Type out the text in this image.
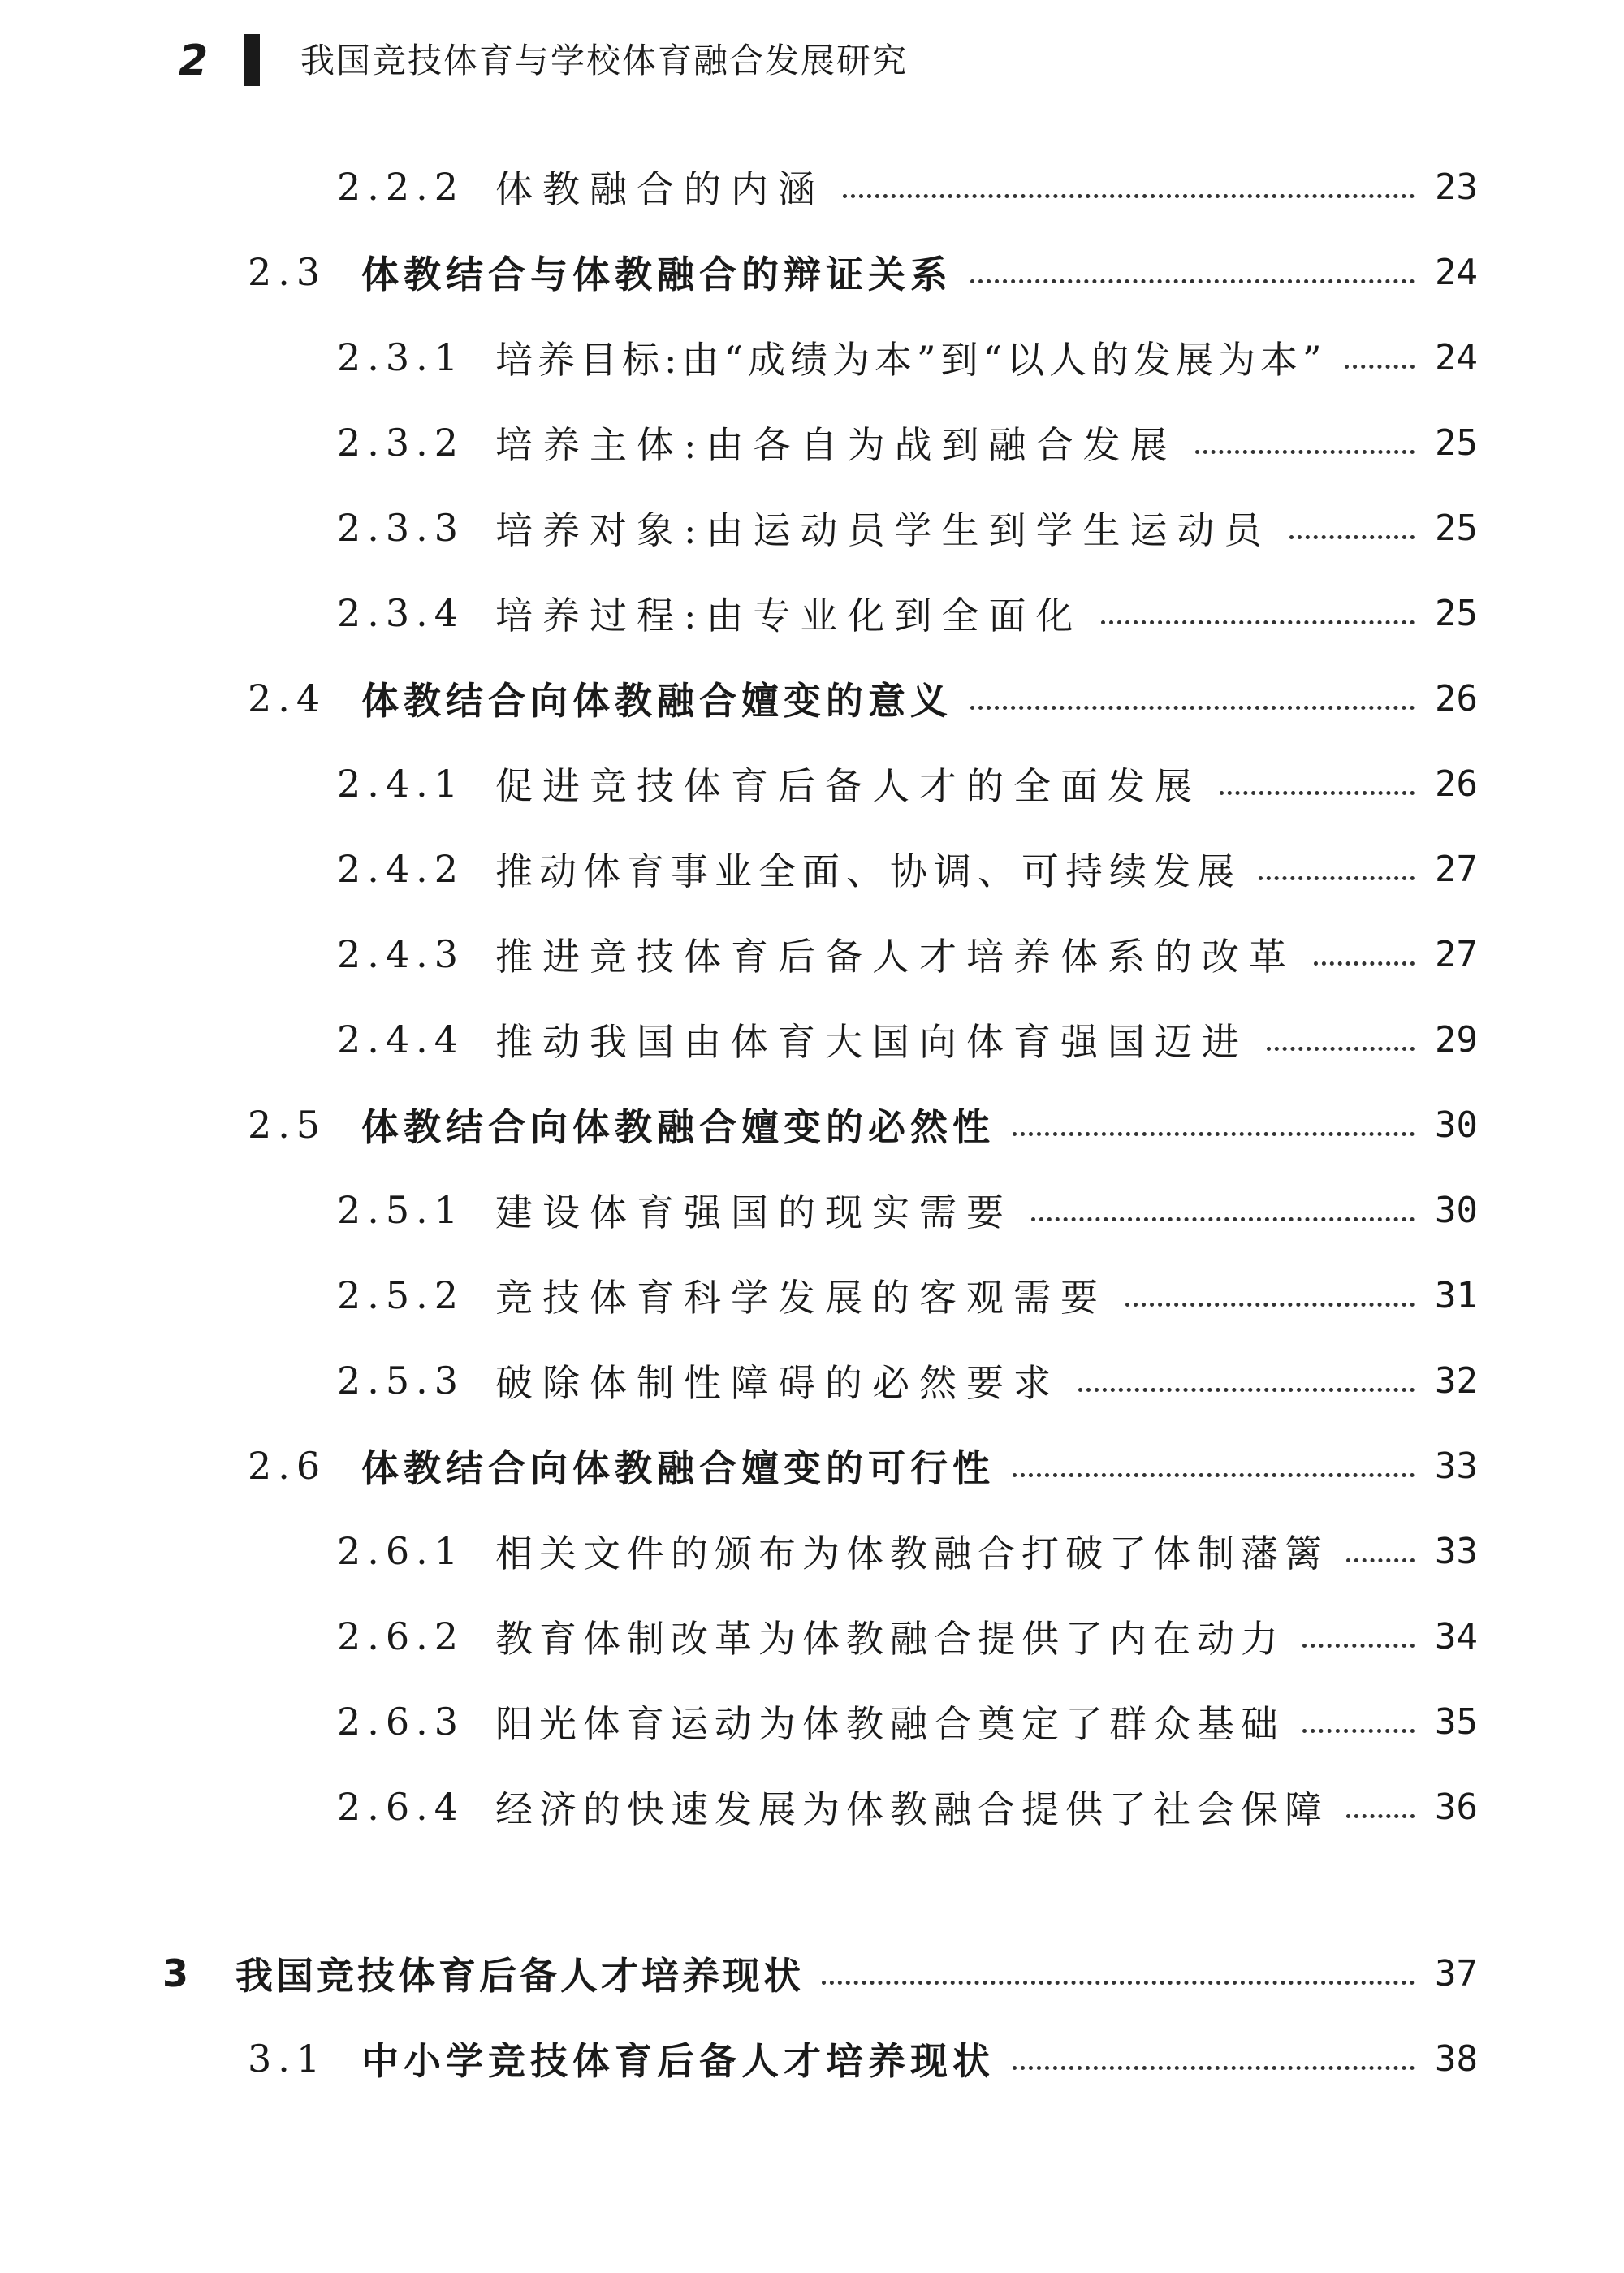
2	我国竞技体育与学校体育融合发展研究
2.2.2 体教融合的内涵	23
2.3 体教结合与体教融合的辩证关系	24
2.3.1 培养目标:由“成绩为本”到“以人的发展为本”	24
2.3.2 培养主体:由各自为战到融合发展	25
2.3.3 培养对象:由运动员学生到学生运动员	25
2.3.4 培养过程:由专业化到全面化	25
2.4 体教结合向体教融合嬗变的意义	26
2.4.1 促进竞技体育后备人才的全面发展	26
2.4.2 推动体育事业全面、协调、可持续发展	27
2.4.3 推进竞技体育后备人才培养体系的改革	27
2.4.4 推动我国由体育大国向体育强国迈进	29
2.5 体教结合向体教融合嬗变的必然性	30
2.5.1 建设体育强国的现实需要	30
2.5.2 竞技体育科学发展的客观需要	31
2.5.3 破除体制性障碍的必然要求	32
2.6 体教结合向体教融合嬗变的可行性	33
2.6.1 相关文件的颁布为体教融合打破了体制藩篱	33
2.6.2 教育体制改革为体教融合提供了内在动力	34
2.6.3 阳光体育运动为体教融合奠定了群众基础	35
2.6.4 经济的快速发展为体教融合提供了社会保障	36
3	我国竞技体育后备人才培养现状	37
3.1 中小学竞技体育后备人才培养现状	38
